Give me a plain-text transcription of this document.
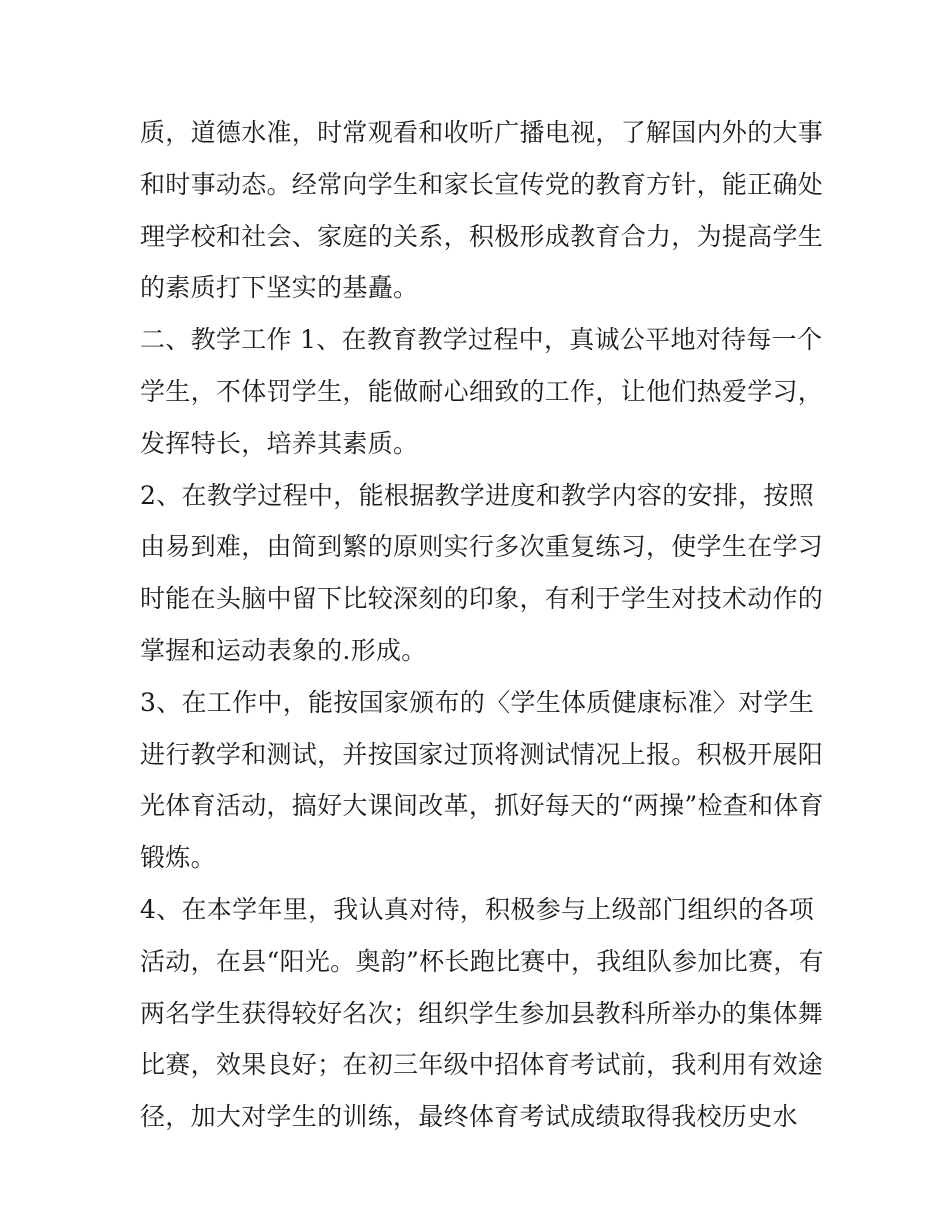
质，道德水准，时常观看和收听广播电视，了解国内外的大事
和时事动态。经常向学生和家长宣传党的教育方针，能正确处
理学校和社会、家庭的关系，积极形成教育合力，为提高学生
的素质打下坚实的基矗。
二、教学工作 1、在教育教学过程中，真诚公平地对待每一个
学生，不体罚学生，能做耐心细致的工作，让他们热爱学习，
发挥特长，培养其素质。
2、在教学过程中，能根据教学进度和教学内容的安排，按照
由易到难，由简到繁的原则实行多次重复练习，使学生在学习
时能在头脑中留下比较深刻的印象，有利于学生对技术动作的
掌握和运动表象的.形成。
3、在工作中，能按国家颁布的〈学生体质健康标准〉对学生
进行教学和测试，并按国家过顶将测试情况上报。积极开展阳
光体育活动，搞好大课间改革，抓好每天的“两操”检查和体育
锻炼。
4、在本学年里，我认真对待，积极参与上级部门组织的各项
活动，在县“阳光。奥韵”杯长跑比赛中，我组队参加比赛，有
两名学生获得较好名次；组织学生参加县教科所举办的集体舞
比赛，效果良好；在初三年级中招体育考试前，我利用有效途
径，加大对学生的训练，最终体育考试成绩取得我校历史水
